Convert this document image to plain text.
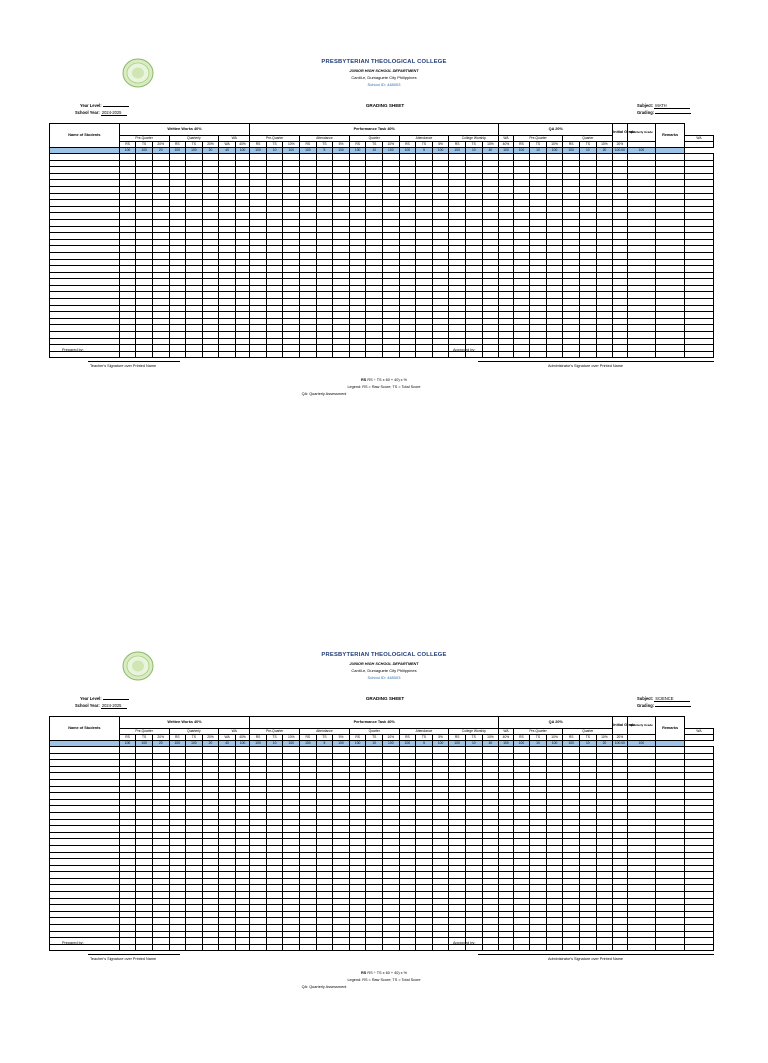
PRESBYTERIAN THEOLOGICAL COLLEGE
JUNIOR HIGH SCHOOL DEPARTMENT
Cantil-e, Dumaguete City Philippines
School ID: 448003
Year Level:
School Year: 2024-2025
GRADING SHEET	Subject: MATH
Grading:
Name of Students	Written Works 40%								Performance Task 40%															QA 20%							Initial Grade	Quarterly Grade	Remarks	
	Pre-Quarter			Quarterly			WA		Pre-Quarter			Attendance			Quarter			Attendance			College Worship			WA	Pre-Quarter			Quarter						WA
	RS	TS	20%	RS	TS	20%	WA	40%	RS	TS	10%	RS	TS	5%	RS	TS	10%	RS	TS	5%	RS	TS	10%	40%	RS	TS	10%	RS	TS	10%	20%			
	100	100	20	100	100	20	40	100	100	10	100	100	5	100	100	10	100	100	5	100	100	10	40	100	100	10	100	100	10	20	100.00	100		

Prepared by:	Approved by:
Teacher's Signature over Printed Name	Administrator's Signature over Printed Name
RS RS ÷ TS x 60 + 40) x %
Legend: RS = Raw Score; TS = Total Score
QA: Quarterly Assessment
PRESBYTERIAN THEOLOGICAL COLLEGE
JUNIOR HIGH SCHOOL DEPARTMENT
Cantil-e, Dumaguete City Philippines
School ID: 448003
Year Level:
School Year: 2024-2025
GRADING SHEET	Subject: SCIENCE
Grading:
Name of Students	Written Works 40%								Performance Task 40%															QA 20%							Initial Grade	Quarterly Grade	Remarks	
	Pre-Quarter			Quarterly			WA		Pre-Quarter			Attendance			Quarter			Attendance			College Worship			WA	Pre-Quarter			Quarter						WA
	RS	TS	20%	RS	TS	20%	WA	40%	RS	TS	10%	RS	TS	5%	RS	TS	10%	RS	TS	5%	RS	TS	10%	40%	RS	TS	10%	RS	TS	10%	20%			
	100	100	20	100	100	20	40	100	100	10	100	100	5	100	100	10	100	100	5	100	100	10	40	100	100	10	100	100	10	20	100.00	100		

Prepared by:	Approved by:
Teacher's Signature over Printed Name	Administrator's Signature over Printed Name
RS RS ÷ TS x 60 + 40) x %
Legend: RS = Raw Score; TS = Total Score
QA: Quarterly Assessment
